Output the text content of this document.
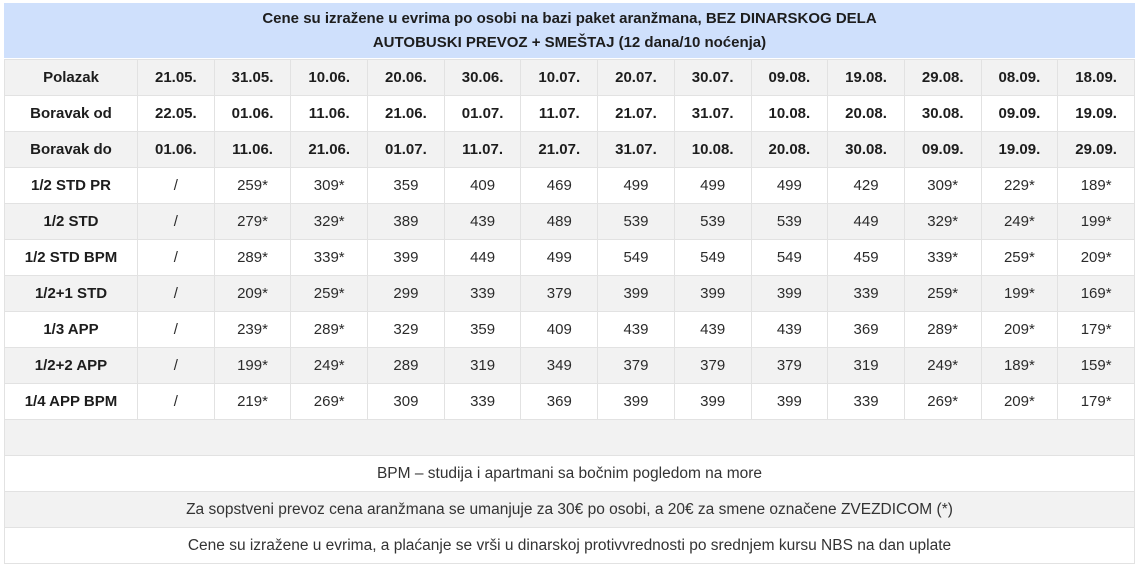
Cene su izražene u evrima po osobi na bazi paket aranžmana, BEZ DINARSKOG DELA
AUTOBUSKI PREVOZ + SMEŠTAJ (12 dana/10 noćenja)
Polazak	21.05.	31.05.	10.06.	20.06.	30.06.	10.07.	20.07.	30.07.	09.08.	19.08.	29.08.	08.09.	18.09.
Boravak od	22.05.	01.06.	11.06.	21.06.	01.07.	11.07.	21.07.	31.07.	10.08.	20.08.	30.08.	09.09.	19.09.
Boravak do	01.06.	11.06.	21.06.	01.07.	11.07.	21.07.	31.07.	10.08.	20.08.	30.08.	09.09.	19.09.	29.09.
1/2 STD PR	/	259*	309*	359	409	469	499	499	499	429	309*	229*	189*
1/2 STD	/	279*	329*	389	439	489	539	539	539	449	329*	249*	199*
1/2 STD BPM	/	289*	339*	399	449	499	549	549	549	459	339*	259*	209*
1/2+1 STD	/	209*	259*	299	339	379	399	399	399	339	259*	199*	169*
1/3 APP	/	239*	289*	329	359	409	439	439	439	369	289*	209*	179*
1/2+2 APP	/	199*	249*	289	319	349	379	379	379	319	249*	189*	159*
1/4 APP BPM	/	219*	269*	309	339	369	399	399	399	339	269*	209*	179*

BPM – studija i apartmani sa bočnim pogledom na more													
Za sopstveni prevoz cena aranžmana se umanjuje za 30€ po osobi, a 20€ za smene označene ZVEZDICOM (*)													
Cene su izražene u evrima, a plaćanje se vrši u dinarskoj protivvrednosti po srednjem kursu NBS na dan uplate													
